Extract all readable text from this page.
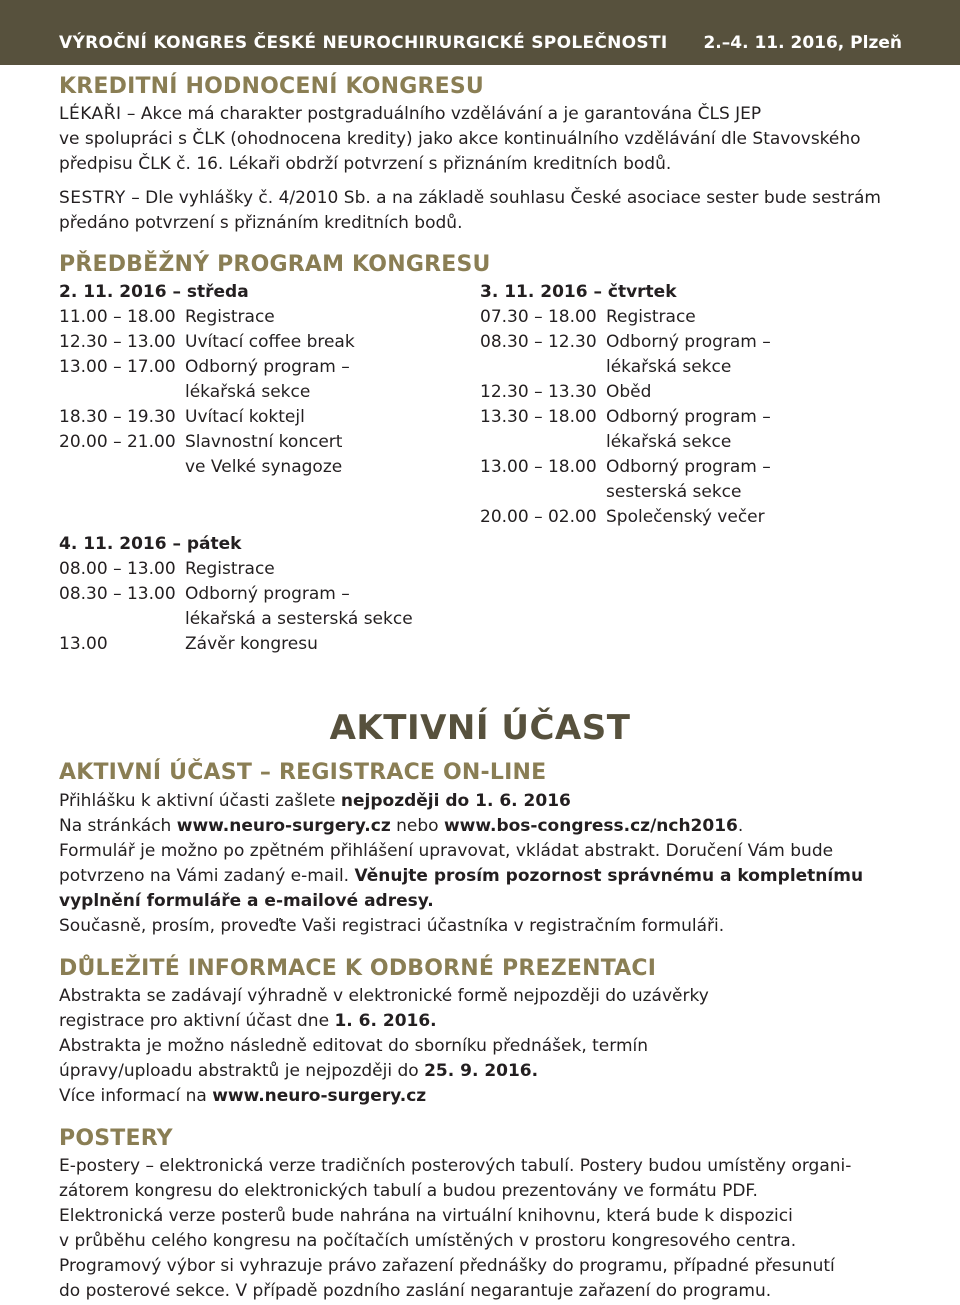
VÝROČNÍ KONGRES ČESKÉ NEUROCHIRURGICKÉ SPOLEČNOSTI 2.–4. 11. 2016, Plzeň
KREDITNÍ HODNOCENÍ KONGRESU
LÉKAŘI – Akce má charakter postgraduálního vzdělávání a je garantována ČLS JEP
ve spolupráci s ČLK (ohodnocena kredity) jako akce kontinuálního vzdělávání dle Stavovského
předpisu ČLK č. 16. Lékaři obdrží potvrzení s přiznáním kreditních bodů.
SESTRY – Dle vyhlášky č. 4/2010 Sb. a na základě souhlasu České asociace sester bude sestrám
předáno potvrzení s přiznáním kreditních bodů.
PŘEDBĚŽNÝ PROGRAM KONGRESU
2. 11. 2016 – středa
11.00 – 18.00 Registrace
12.30 – 13.00 Uvítací coffee break
13.00 – 17.00 Odborný program –
lékařská sekce
18.30 – 19.30 Uvítací koktejl
20.00 – 21.00 Slavnostní koncert
ve Velké synagoze
3. 11. 2016 – čtvrtek
07.30 – 18.00 Registrace
08.30 – 12.30 Odborný program –
lékařská sekce
12.30 – 13.30 Oběd
13.30 – 18.00 Odborný program –
lékařská sekce
13.00 – 18.00 Odborný program –
sesterská sekce
20.00 – 02.00 Společenský večer
4. 11. 2016 – pátek
08.00 – 13.00 Registrace
08.30 – 13.00 Odborný program –
lékařská a sesterská sekce
13.00	Závěr kongresu
AKTIVNÍ ÚČAST
AKTIVNÍ ÚČAST – REGISTRACE ON-LINE
Přihlášku k aktivní účasti zašlete nejpozději do 1. 6. 2016
Na stránkách www.neuro-surgery.cz nebo www.bos-congress.cz/nch2016.
Formulář je možno po zpětném přihlášení upravovat, vkládat abstrakt. Doručení Vám bude
potvrzeno na Vámi zadaný e-mail. Věnujte prosím pozornost správnému a kompletnímu
vyplnění formuláře a e-mailové adresy.
Současně, prosím, proveďte Vaši registraci účastníka v registračním formuláři.
DŮLEŽITÉ INFORMACE K ODBORNÉ PREZENTACI
Abstrakta se zadávají výhradně v elektronické formě nejpozději do uzávěrky
registrace pro aktivní účast dne 1. 6. 2016.
Abstrakta je možno následně editovat do sborníku přednášek, termín
úpravy/uploadu abstraktů je nejpozději do 25. 9. 2016.
Více informací na www.neuro-surgery.cz
POSTERY
E-postery – elektronická verze tradičních posterových tabulí. Postery budou umístěny organi-
zátorem kongresu do elektronických tabulí a budou prezentovány ve formátu PDF.
Elektronická verze posterů bude nahrána na virtuální knihovnu, která bude k dispozici
v průběhu celého kongresu na počítačích umístěných v prostoru kongresového centra.
Programový výbor si vyhrazuje právo zařazení přednášky do programu, případné přesunutí
do posterové sekce. V případě pozdního zaslání negarantuje zařazení do programu.
